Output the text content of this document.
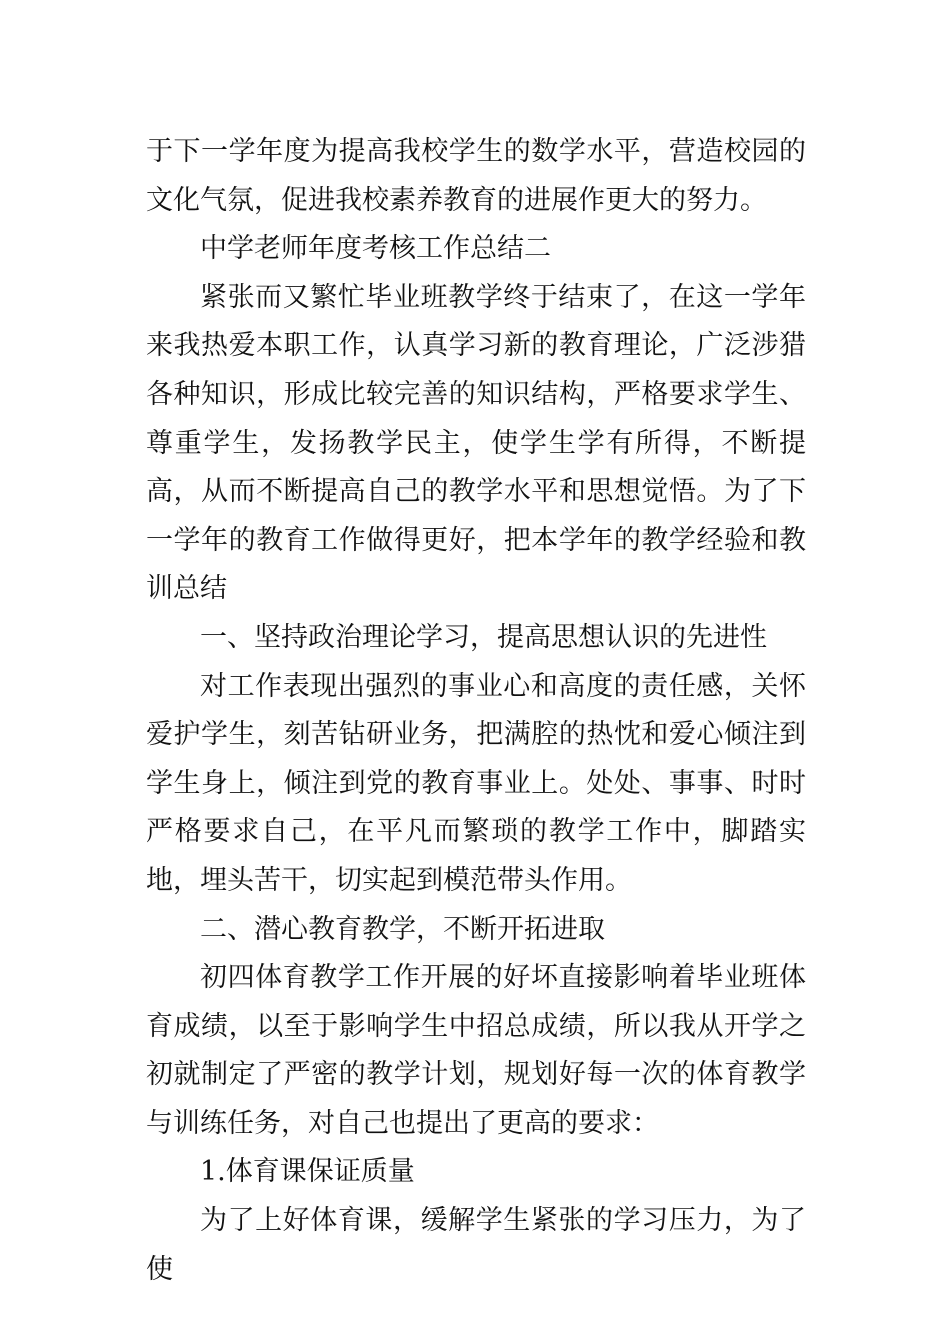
于下一学年度为提高我校学生的数学水平，营造校园的文化气氛，促进我校素养教育的进展作更大的努力。

中学老师年度考核工作总结二

紧张而又繁忙毕业班教学终于结束了，在这一学年来我热爱本职工作，认真学习新的教育理论，广泛涉猎各种知识，形成比较完善的知识结构，严格要求学生、尊重学生，发扬教学民主，使学生学有所得，不断提高，从而不断提高自己的教学水平和思想觉悟。为了下一学年的教育工作做得更好，把本学年的教学经验和教训总结

一、坚持政治理论学习，提高思想认识的先进性

对工作表现出强烈的事业心和高度的责任感，关怀爱护学生，刻苦钻研业务，把满腔的热忱和爱心倾注到学生身上，倾注到党的教育事业上。处处、事事、时时严格要求自己，在平凡而繁琐的教学工作中，脚踏实地，埋头苦干，切实起到模范带头作用。

二、潜心教育教学，不断开拓进取

初四体育教学工作开展的好坏直接影响着毕业班体育成绩，以至于影响学生中招总成绩，所以我从开学之初就制定了严密的教学计划，规划好每一次的体育教学与训练任务，对自己也提出了更高的要求：

1.体育课保证质量

为了上好体育课，缓解学生紧张的学习压力，为了使
